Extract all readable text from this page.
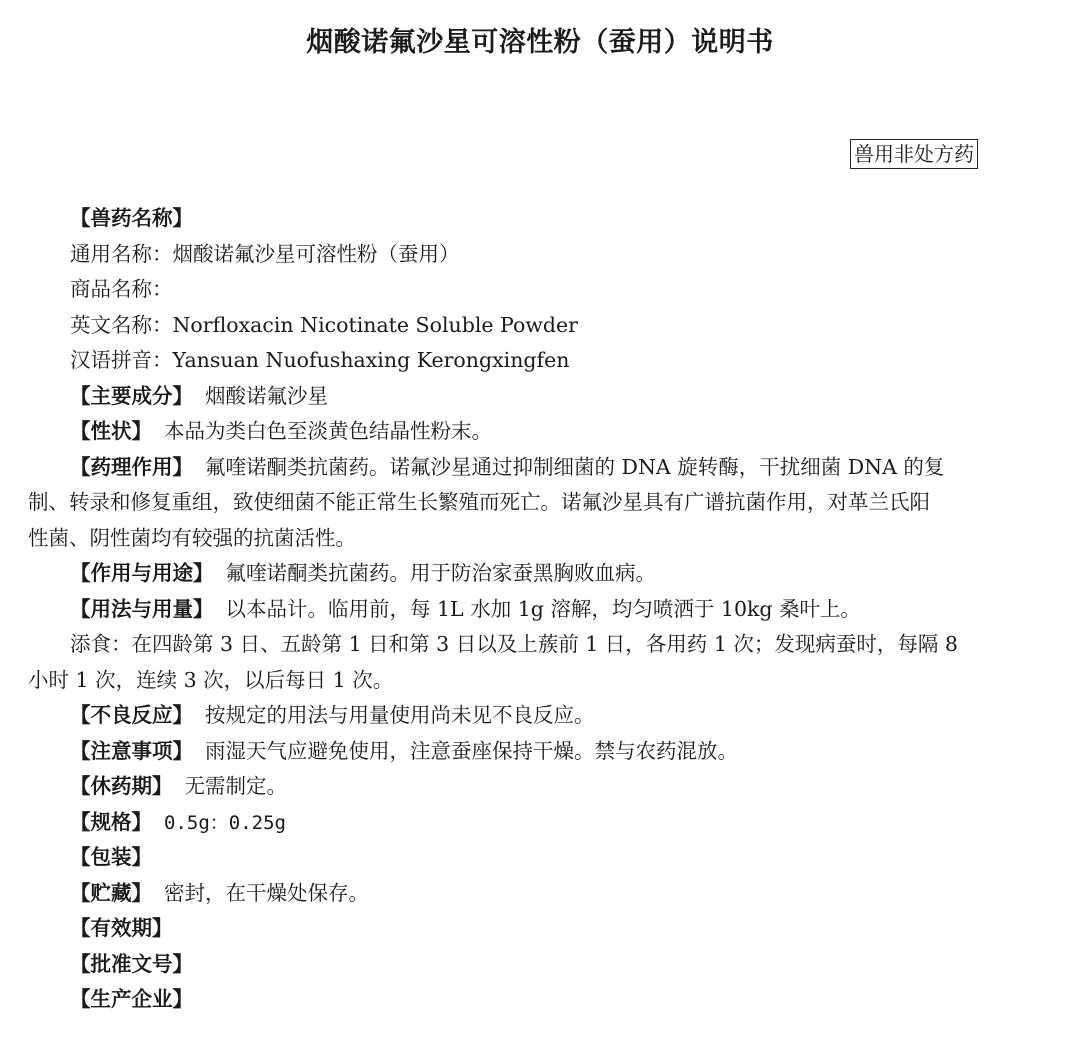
烟酸诺氟沙星可溶性粉（蚕用）说明书
兽用非处方药
【兽药名称】
通用名称：烟酸诺氟沙星可溶性粉（蚕用）
商品名称：
英文名称：Norfloxacin Nicotinate Soluble Powder
汉语拼音：Yansuan Nuofushaxing Kerongxingfen
【主要成分】 烟酸诺氟沙星
【性状】 本品为类白色至淡黄色结晶性粉末。
【药理作用】 氟喹诺酮类抗菌药。诺氟沙星通过抑制细菌的 DNA 旋转酶，干扰细菌 DNA 的复
制、转录和修复重组，致使细菌不能正常生长繁殖而死亡。诺氟沙星具有广谱抗菌作用，对革兰氏阳
性菌、阴性菌均有较强的抗菌活性。
【作用与用途】 氟喹诺酮类抗菌药。用于防治家蚕黑胸败血病。
【用法与用量】 以本品计。临用前，每 1L 水加 1g 溶解，均匀喷洒于 10kg 桑叶上。
添食：在四龄第 3 日、五龄第 1 日和第 3 日以及上蔟前 1 日，各用药 1 次；发现病蚕时，每隔 8
小时 1 次，连续 3 次，以后每日 1 次。
【不良反应】 按规定的用法与用量使用尚未见不良反应。
【注意事项】 雨湿天气应避免使用，注意蚕座保持干燥。禁与农药混放。
【休药期】 无需制定。
【规格】 0.5g：0.25g
【包装】
【贮藏】 密封，在干燥处保存。
【有效期】
【批准文号】
【生产企业】
